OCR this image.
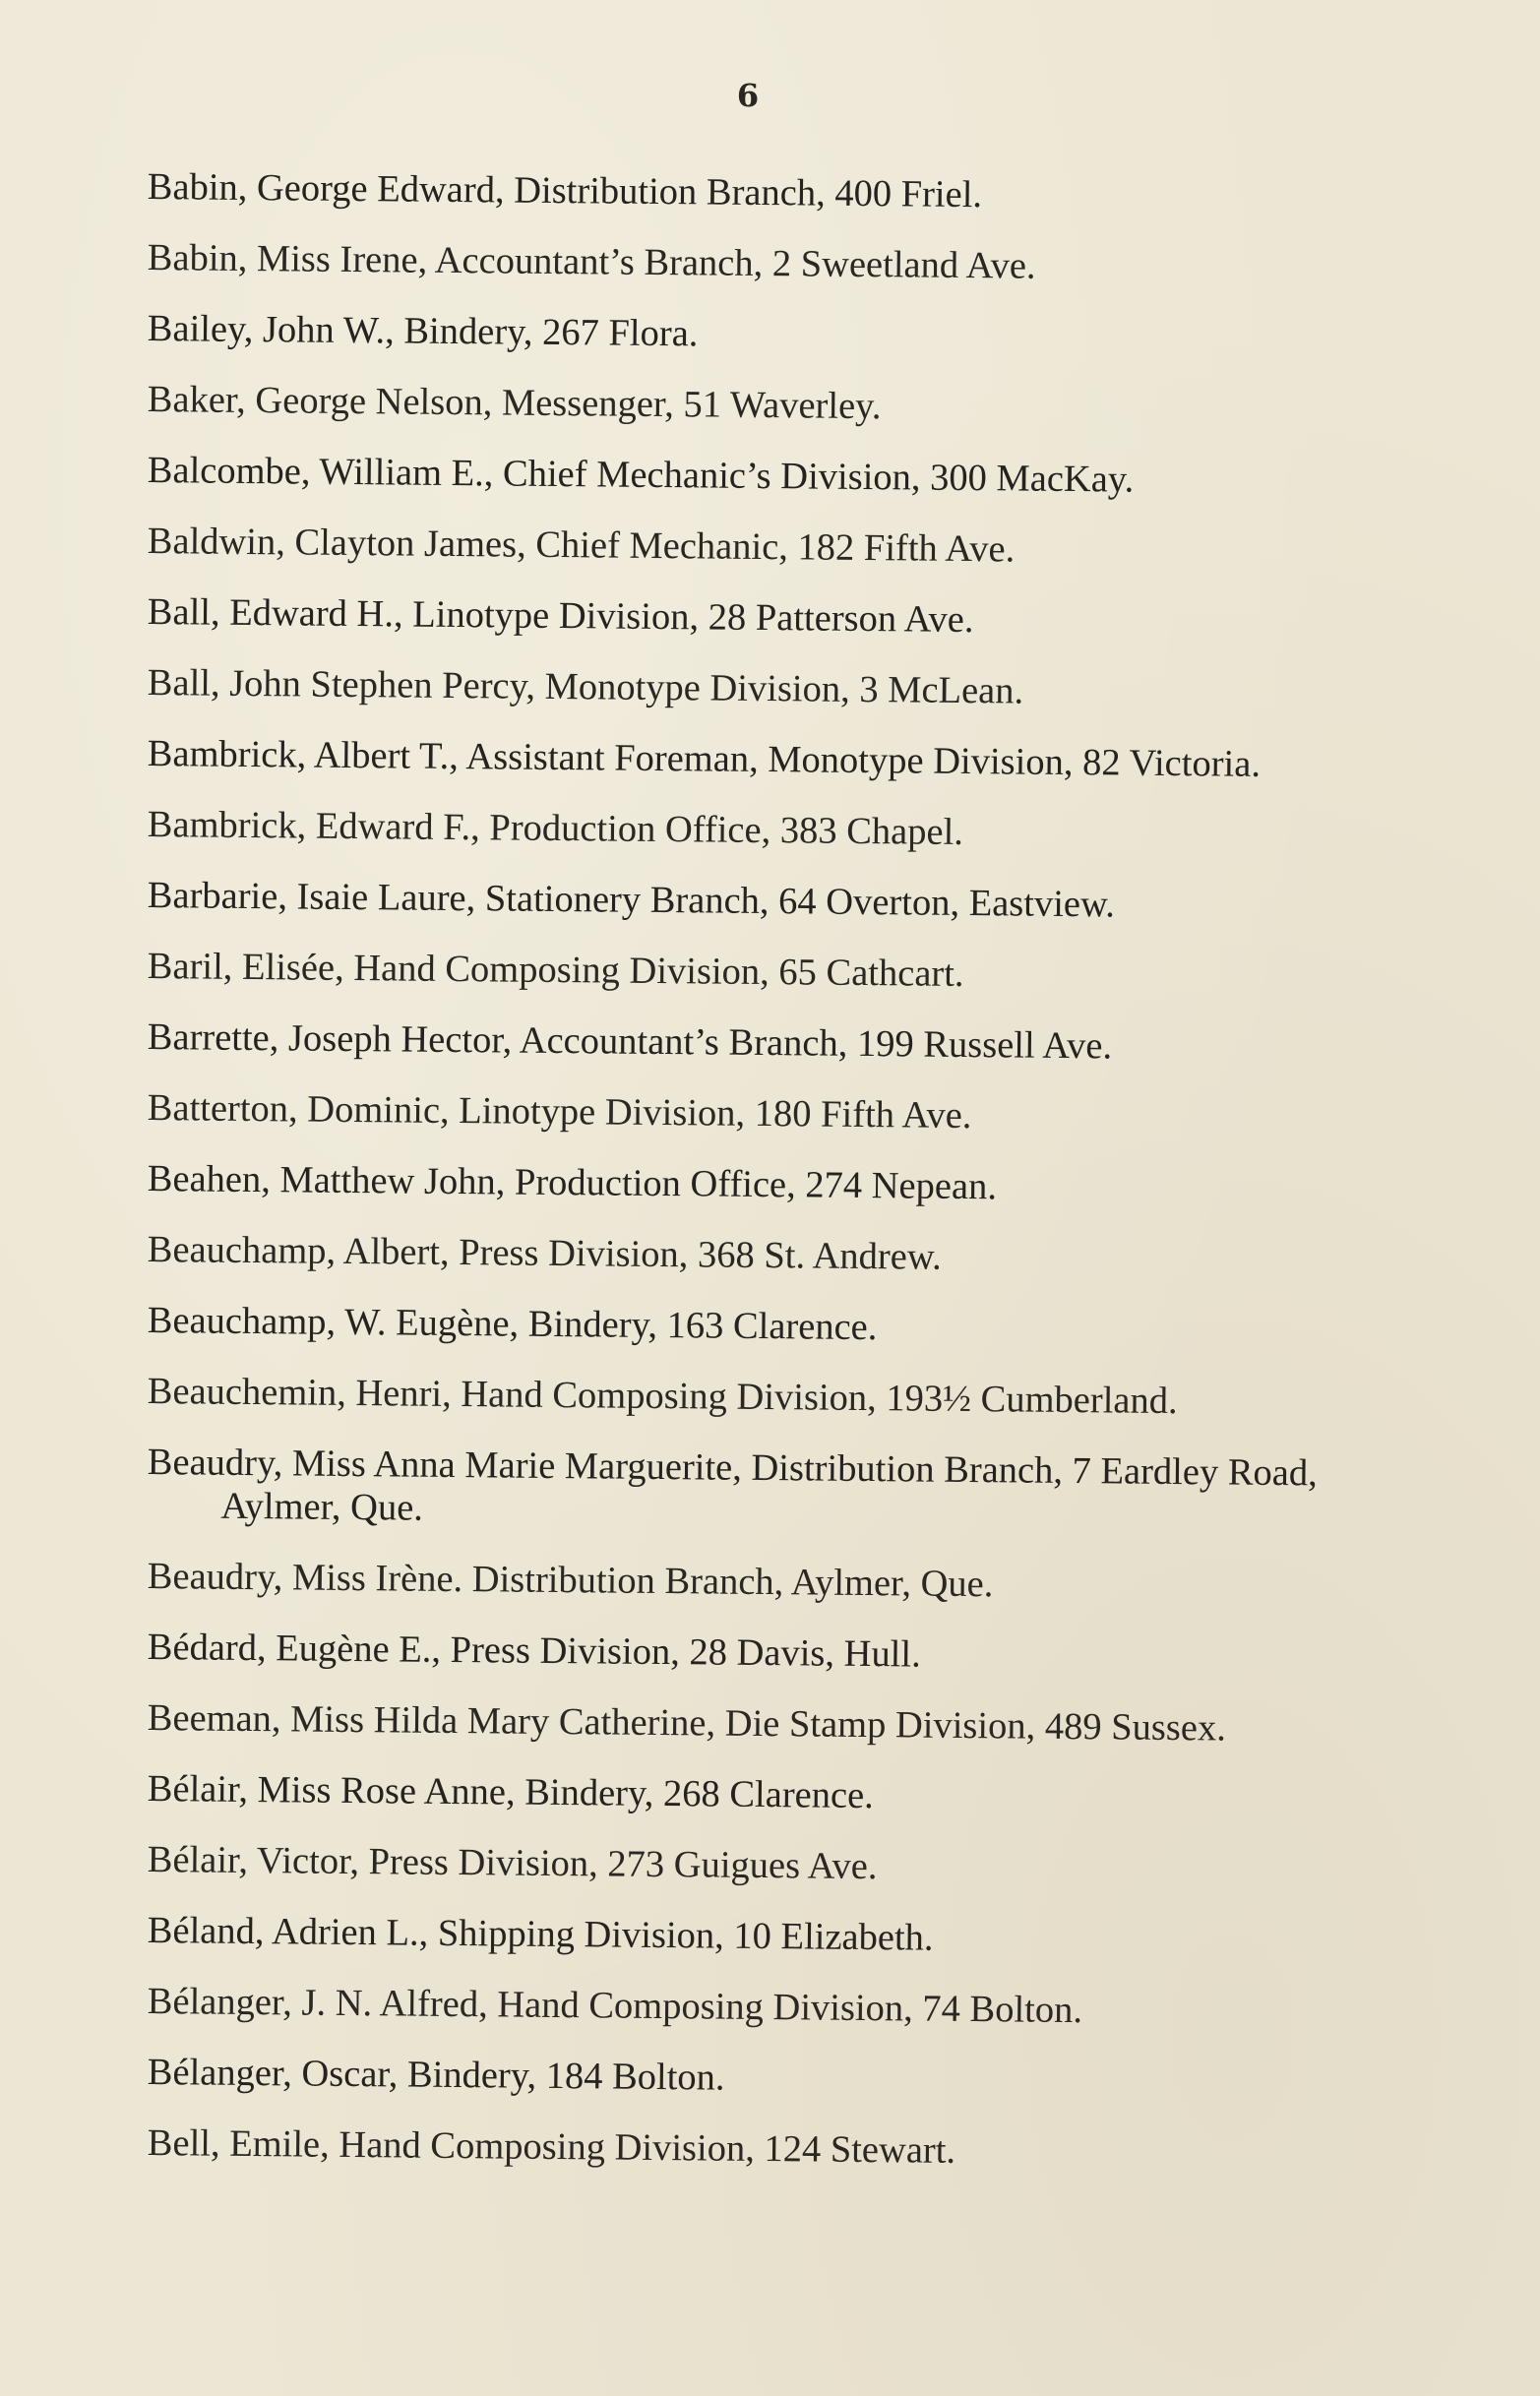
6

Babin, George Edward, Distribution Branch, 400 Friel.

Babin, Miss Irene, Accountant’s Branch, 2 Sweetland Ave.

Bailey, John W., Bindery, 267 Flora.

Baker, George Nelson, Messenger, 51 Waverley.

Balcombe, William E., Chief Mechanic’s Division, 300 MacKay.

Baldwin, Clayton James, Chief Mechanic, 182 Fifth Ave.

Ball, Edward H., Linotype Division, 28 Patterson Ave.

Ball, John Stephen Percy, Monotype Division, 3 McLean.

Bambrick, Albert T., Assistant Foreman, Monotype Division, 82 Victoria.

Bambrick, Edward F., Production Office, 383 Chapel.

Barbarie, Isaie Laure, Stationery Branch, 64 Overton, Eastview.

Baril, Elisée, Hand Composing Division, 65 Cathcart.

Barrette, Joseph Hector, Accountant’s Branch, 199 Russell Ave.

Batterton, Dominic, Linotype Division, 180 Fifth Ave.

Beahen, Matthew John, Production Office, 274 Nepean.

Beauchamp, Albert, Press Division, 368 St. Andrew.

Beauchamp, W. Eugène, Bindery, 163 Clarence.

Beauchemin, Henri, Hand Composing Division, 193½ Cumberland.

Beaudry, Miss Anna Marie Marguerite, Distribution Branch, 7 Eardley Road, Aylmer, Que.

Beaudry, Miss Irène. Distribution Branch, Aylmer, Que.

Bédard, Eugène E., Press Division, 28 Davis, Hull.

Beeman, Miss Hilda Mary Catherine, Die Stamp Division, 489 Sussex.

Bélair, Miss Rose Anne, Bindery, 268 Clarence.

Bélair, Victor, Press Division, 273 Guigues Ave.

Béland, Adrien L., Shipping Division, 10 Elizabeth.

Bélanger, J. N. Alfred, Hand Composing Division, 74 Bolton.

Bélanger, Oscar, Bindery, 184 Bolton.

Bell, Emile, Hand Composing Division, 124 Stewart.
